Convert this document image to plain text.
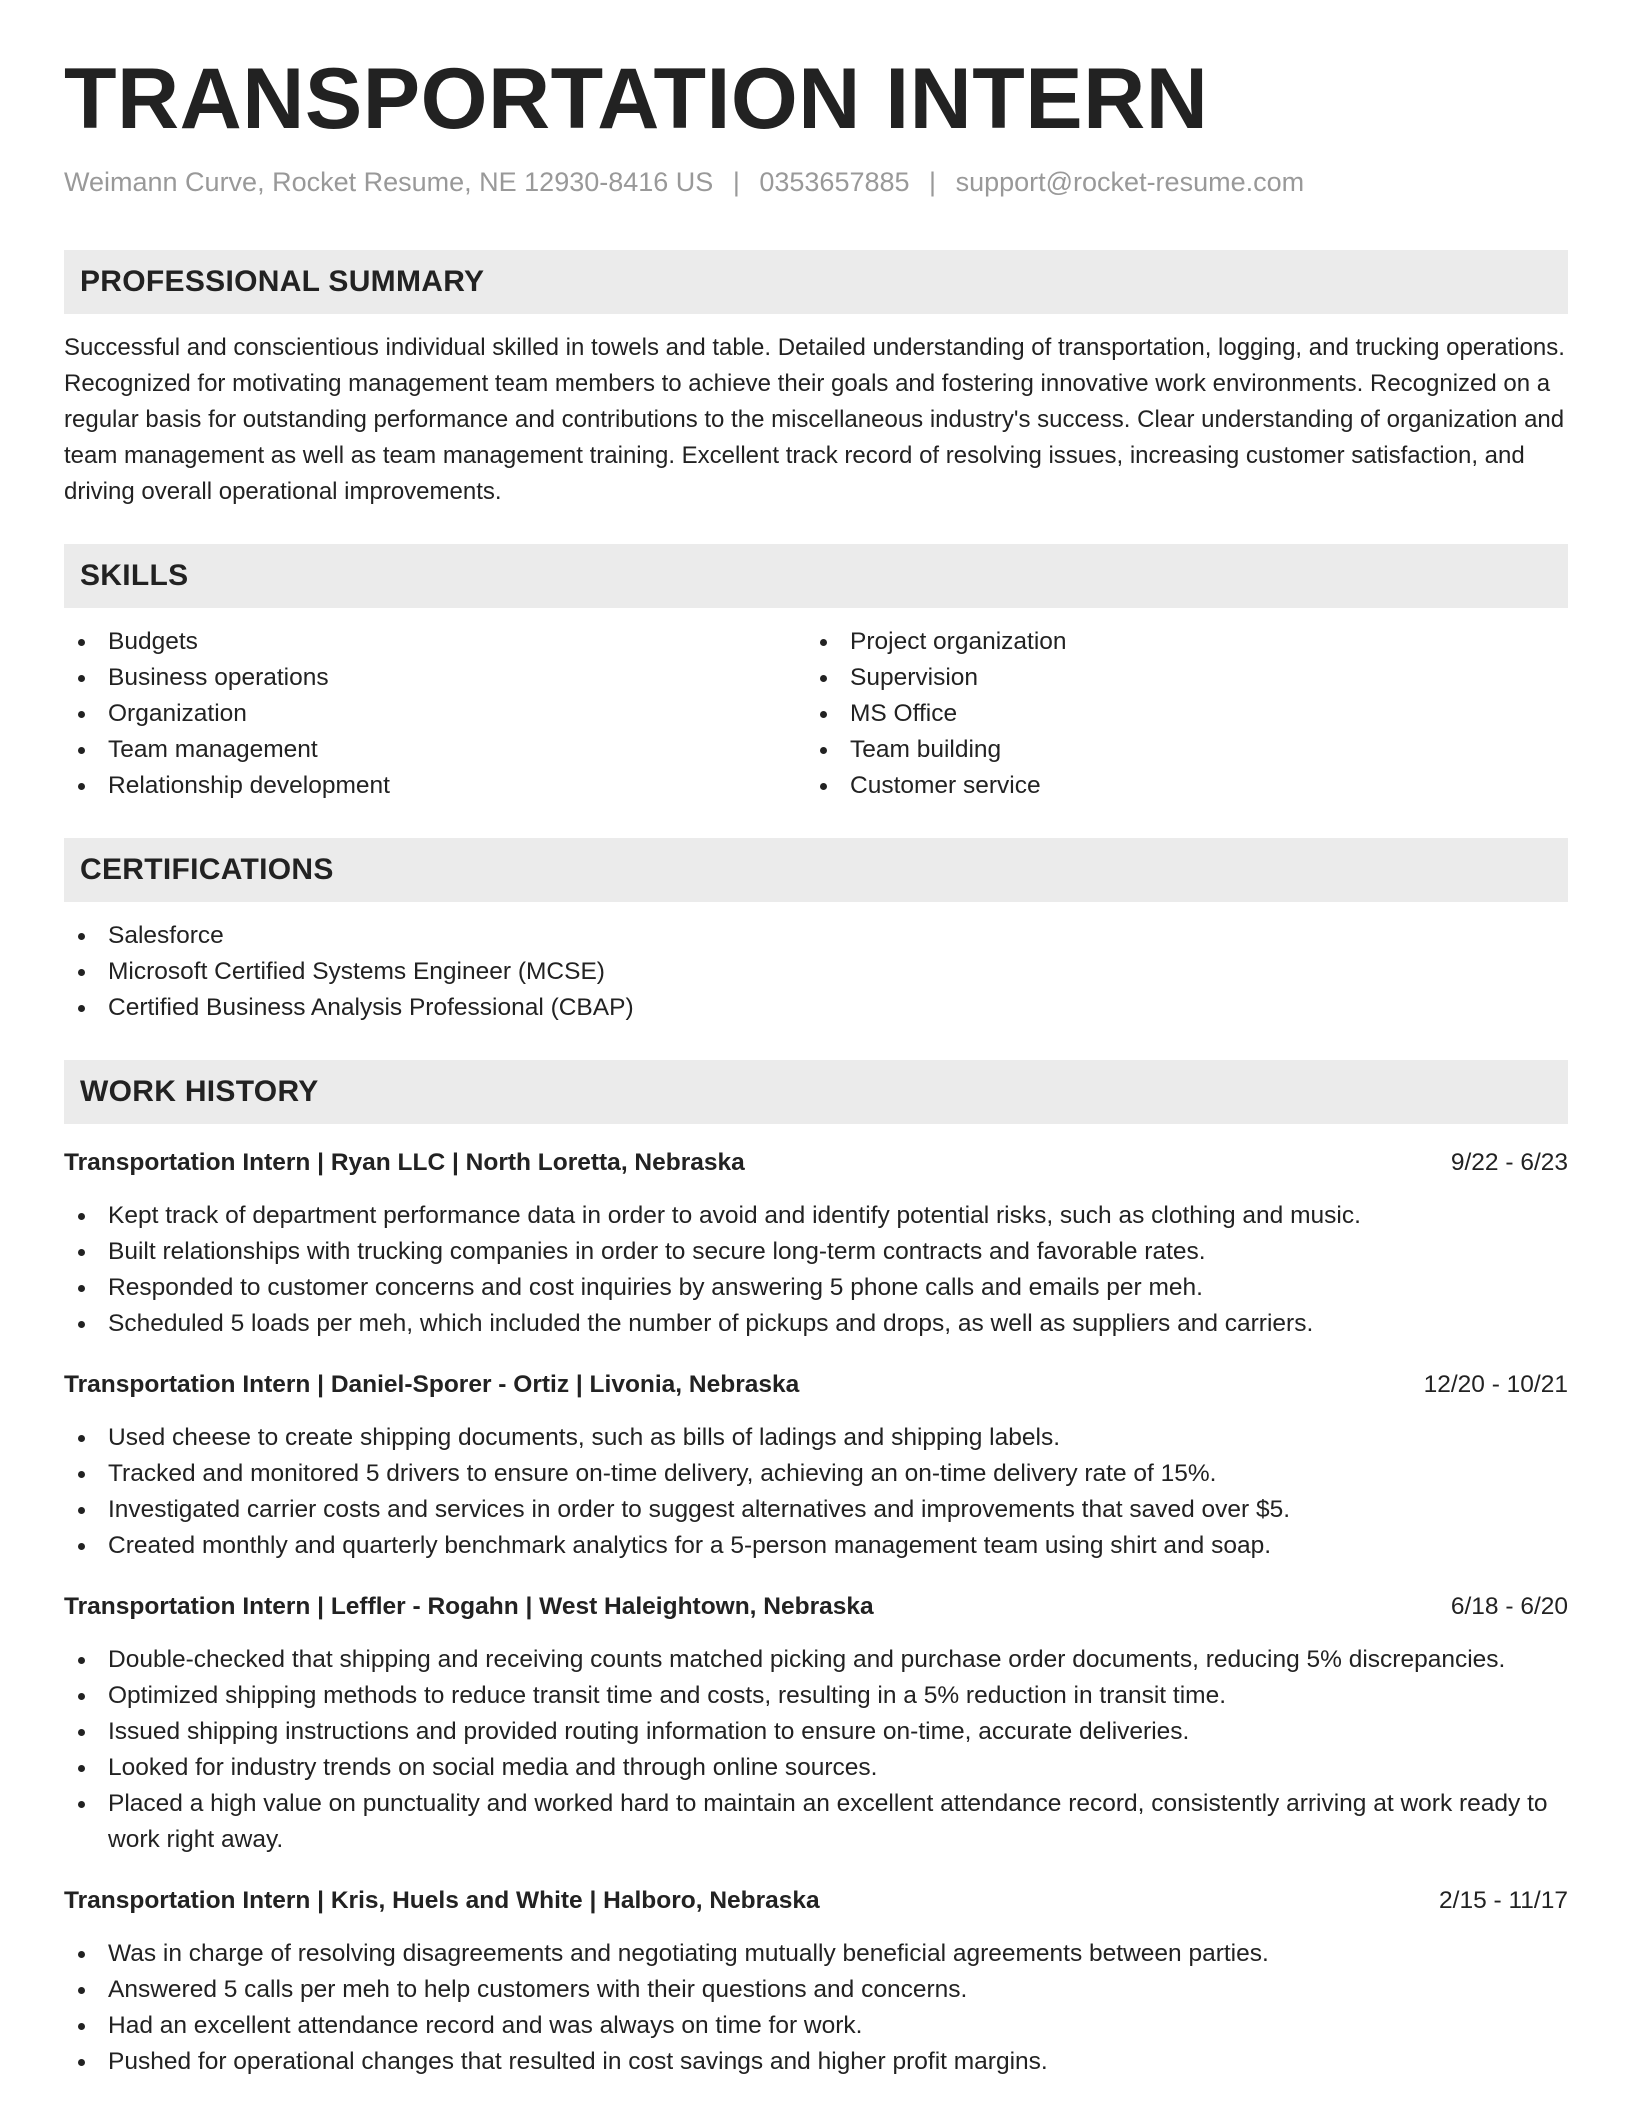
TRANSPORTATION INTERN
Weimann Curve, Rocket Resume, NE 12930-8416 US | 0353657885 | support@rocket-resume.com
PROFESSIONAL SUMMARY

Successful and conscientious individual skilled in towels and table. Detailed understanding of transportation, logging, and trucking operations. Recognized for motivating management team members to achieve their goals and fostering innovative work environments. Recognized on a regular basis for outstanding performance and contributions to the miscellaneous industry's success. Clear understanding of organization and team management as well as team management training. Excellent track record of resolving issues, increasing customer satisfaction, and driving overall operational improvements.

SKILLS
Budgets
Business operations
Organization
Team management
Relationship development
Project organization
Supervision
MS Office
Team building
Customer service
CERTIFICATIONS
Salesforce
Microsoft Certified Systems Engineer (MCSE)
Certified Business Analysis Professional (CBAP)
WORK HISTORY
Transportation Intern | Ryan LLC | North Loretta, Nebraska	9/22 - 6/23
Kept track of department performance data in order to avoid and identify potential risks, such as clothing and music.
Built relationships with trucking companies in order to secure long-term contracts and favorable rates.
Responded to customer concerns and cost inquiries by answering 5 phone calls and emails per meh.
Scheduled 5 loads per meh, which included the number of pickups and drops, as well as suppliers and carriers.
Transportation Intern | Daniel-Sporer - Ortiz | Livonia, Nebraska	12/20 - 10/21
Used cheese to create shipping documents, such as bills of ladings and shipping labels.
Tracked and monitored 5 drivers to ensure on-time delivery, achieving an on-time delivery rate of 15%.
Investigated carrier costs and services in order to suggest alternatives and improvements that saved over $5.
Created monthly and quarterly benchmark analytics for a 5-person management team using shirt and soap.
Transportation Intern | Leffler - Rogahn | West Haleightown, Nebraska	6/18 - 6/20
Double-checked that shipping and receiving counts matched picking and purchase order documents, reducing 5% discrepancies.
Optimized shipping methods to reduce transit time and costs, resulting in a 5% reduction in transit time.
Issued shipping instructions and provided routing information to ensure on-time, accurate deliveries.
Looked for industry trends on social media and through online sources.
Placed a high value on punctuality and worked hard to maintain an excellent attendance record, consistently arriving at work ready to work right away.
Transportation Intern | Kris, Huels and White | Halboro, Nebraska	2/15 - 11/17
Was in charge of resolving disagreements and negotiating mutually beneficial agreements between parties.
Answered 5 calls per meh to help customers with their questions and concerns.
Had an excellent attendance record and was always on time for work.
Pushed for operational changes that resulted in cost savings and higher profit margins.
